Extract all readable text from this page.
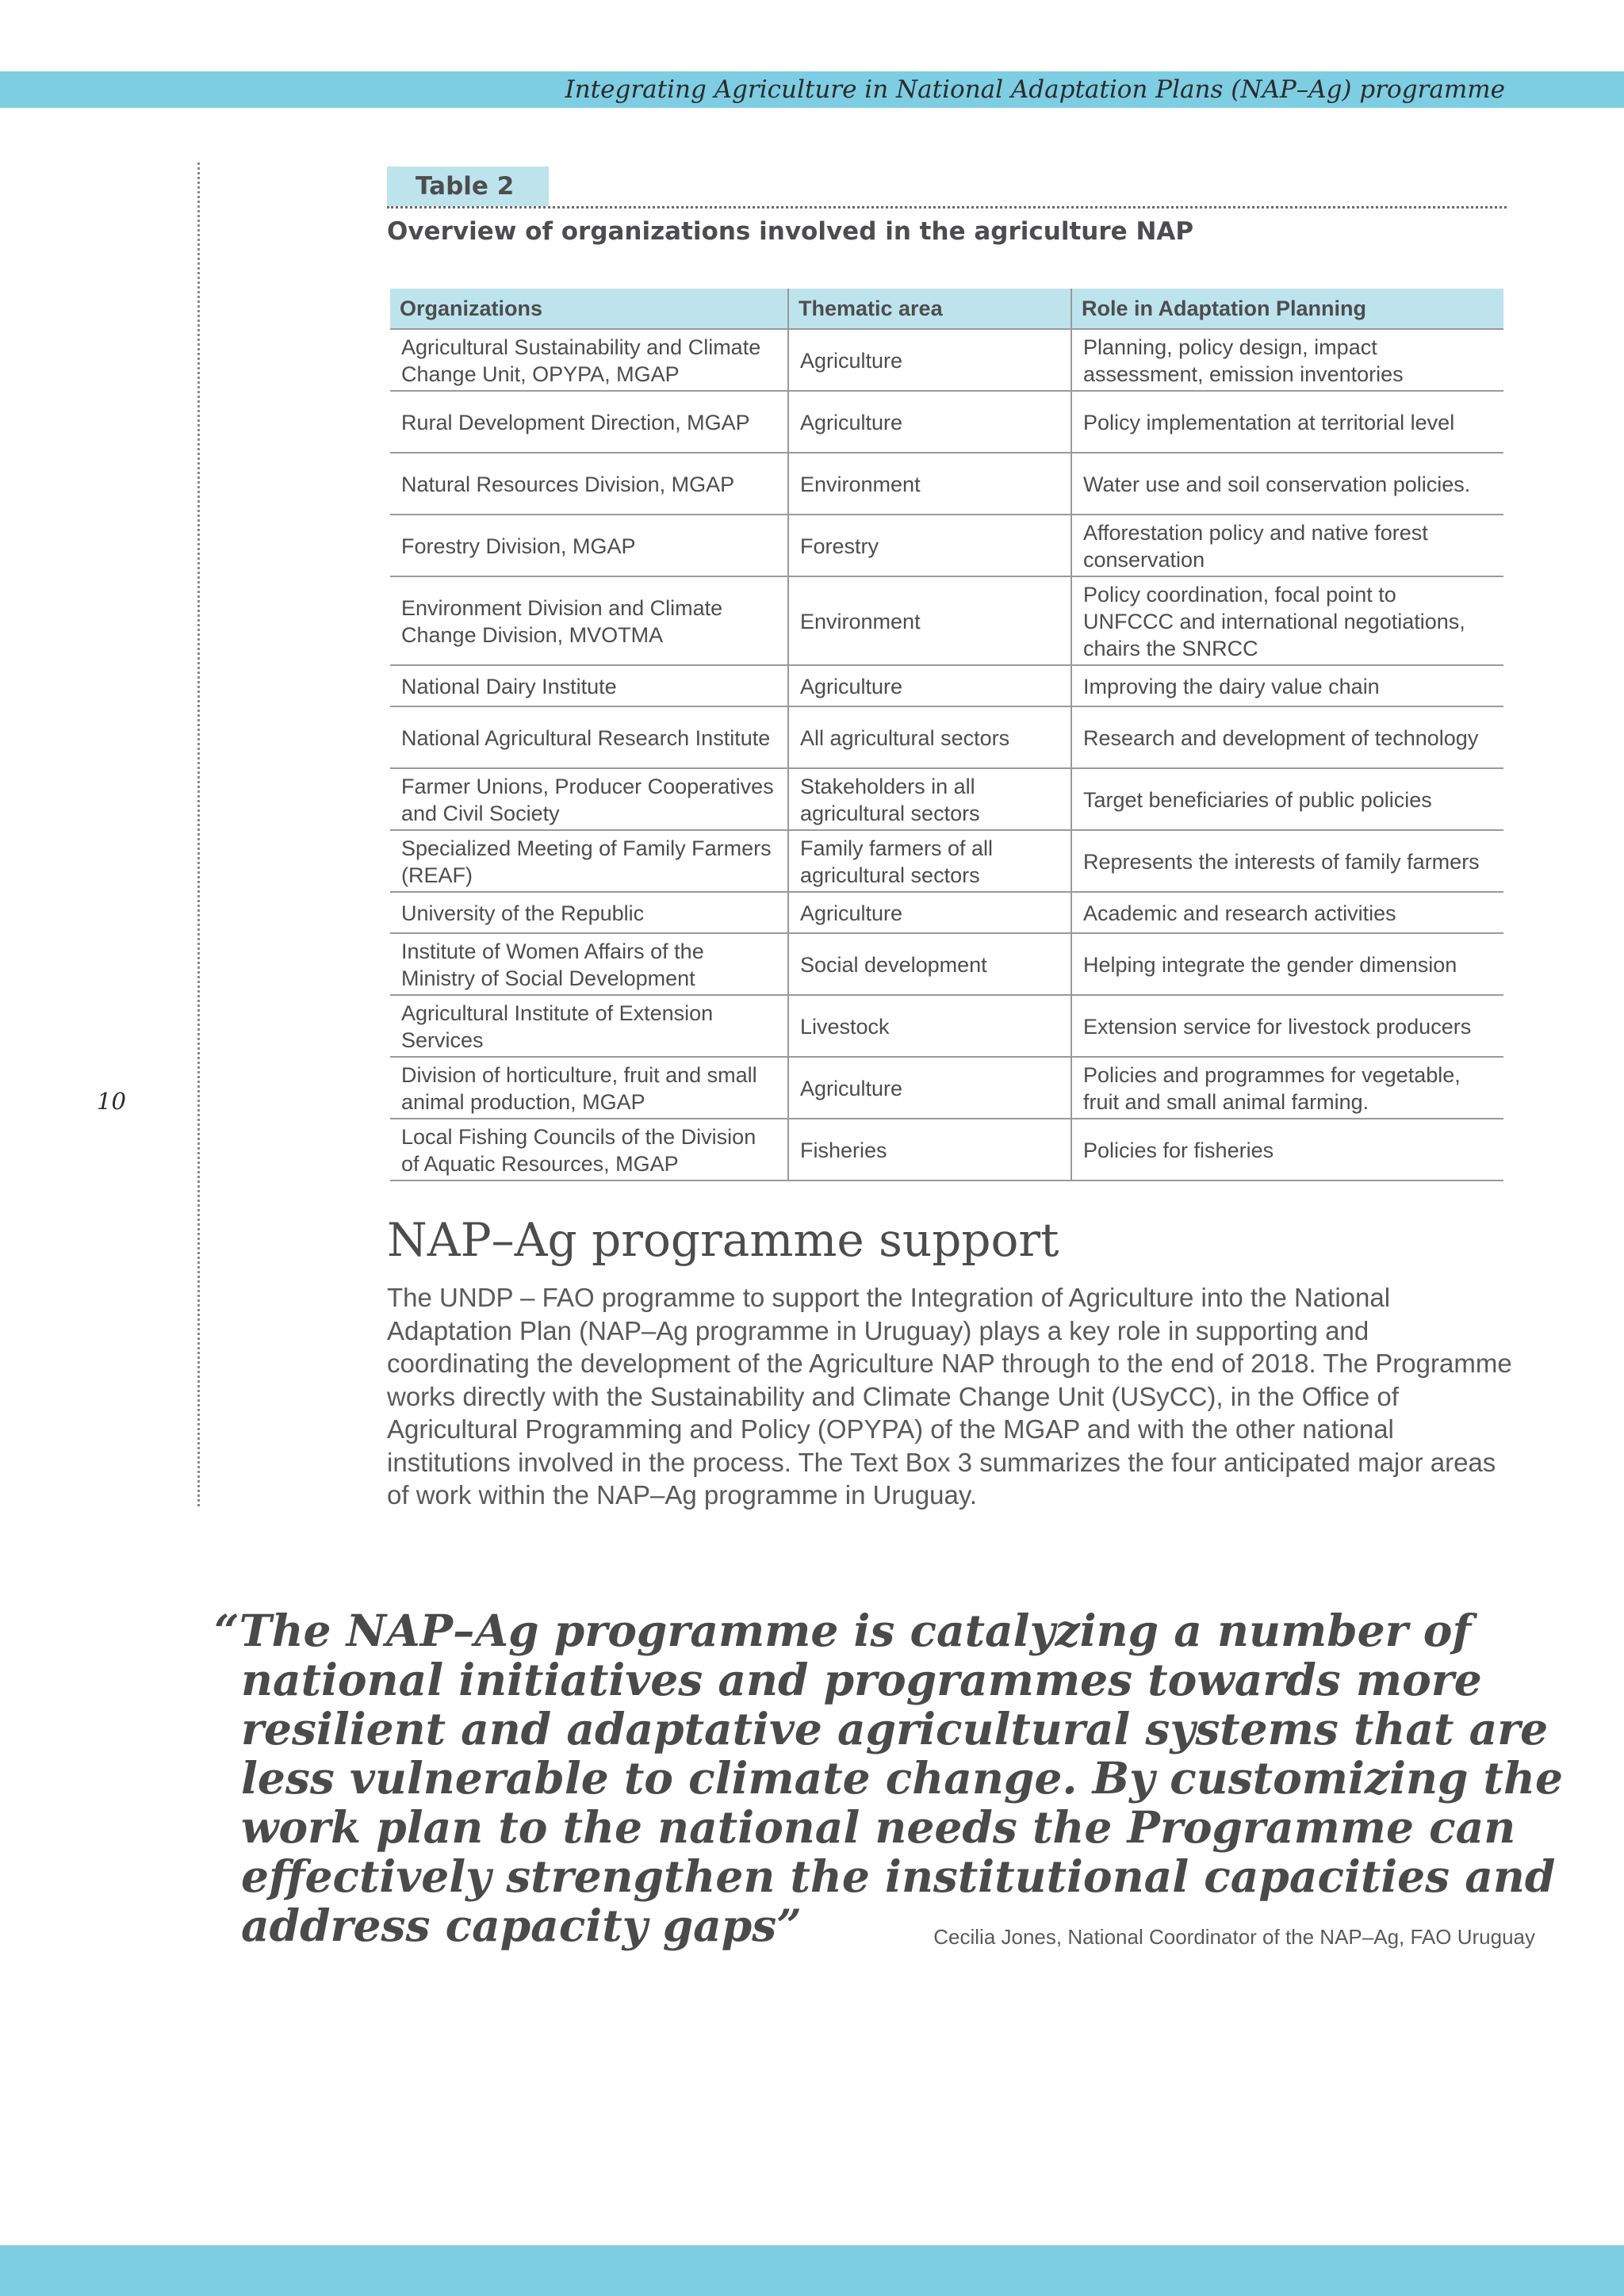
Integrating Agriculture in National Adaptation Plans (NAP–Ag) programme
10
Table 2
Overview of organizations involved in the agriculture NAP
Organizations	Thematic area	Role in Adaptation Planning
Agricultural Sustainability and Climate Change Unit, OPYPA, MGAP	Agriculture	Planning, policy design, impact assessment, emission inventories
Rural Development Direction, MGAP	Agriculture	Policy implementation at territorial level
Natural Resources Division, MGAP	Environment	Water use and soil conservation policies.
Forestry Division, MGAP	Forestry	Afforestation policy and native forest conservation
Environment Division and Climate Change Division, MVOTMA	Environment	Policy coordination, focal point to UNFCCC and international negotiations, chairs the SNRCC
National Dairy Institute	Agriculture	Improving the dairy value chain
National Agricultural Research Institute	All agricultural sectors	Research and development of technology
Farmer Unions, Producer Cooperatives and Civil Society	Stakeholders in all agricultural sectors	Target beneficiaries of public policies
Specialized Meeting of Family Farmers (REAF)	Family farmers of all agricultural sectors	Represents the interests of family farmers
University of the Republic	Agriculture	Academic and research activities
Institute of Women Affairs of the Ministry of Social Development	Social development	Helping integrate the gender dimension
Agricultural Institute of Extension Services	Livestock	Extension service for livestock producers
Division of horticulture, fruit and small animal production, MGAP	Agriculture	Policies and programmes for vegetable, fruit and small animal farming.
Local Fishing Councils of the Division of Aquatic Resources, MGAP	Fisheries	Policies for fisheries
NAP–Ag programme support

The UNDP – FAO programme to support the Integration of Agriculture into the National Adaptation Plan (NAP–Ag programme in Uruguay) plays a key role in supporting and coordinating the development of the Agriculture NAP through to the end of 2018. The Programme works directly with the Sustainability and Climate Change Unit (USyCC), in the Office of Agricultural Programming and Policy (OPYPA) of the MGAP and with the other national institutions involved in the process. The Text Box 3 summarizes the four anticipated major areas of work within the NAP–Ag programme in Uruguay.

“The NAP–Ag programme is catalyzing a number of national initiatives and programmes towards more resilient and adaptative agricultural systems that are less vulnerable to climate change. By customizing the work plan to the national needs the Programme can effectively strengthen the institutional capacities and address capacity gaps”	Cecilia Jones, National Coordinator of the NAP–Ag, FAO Uruguay
